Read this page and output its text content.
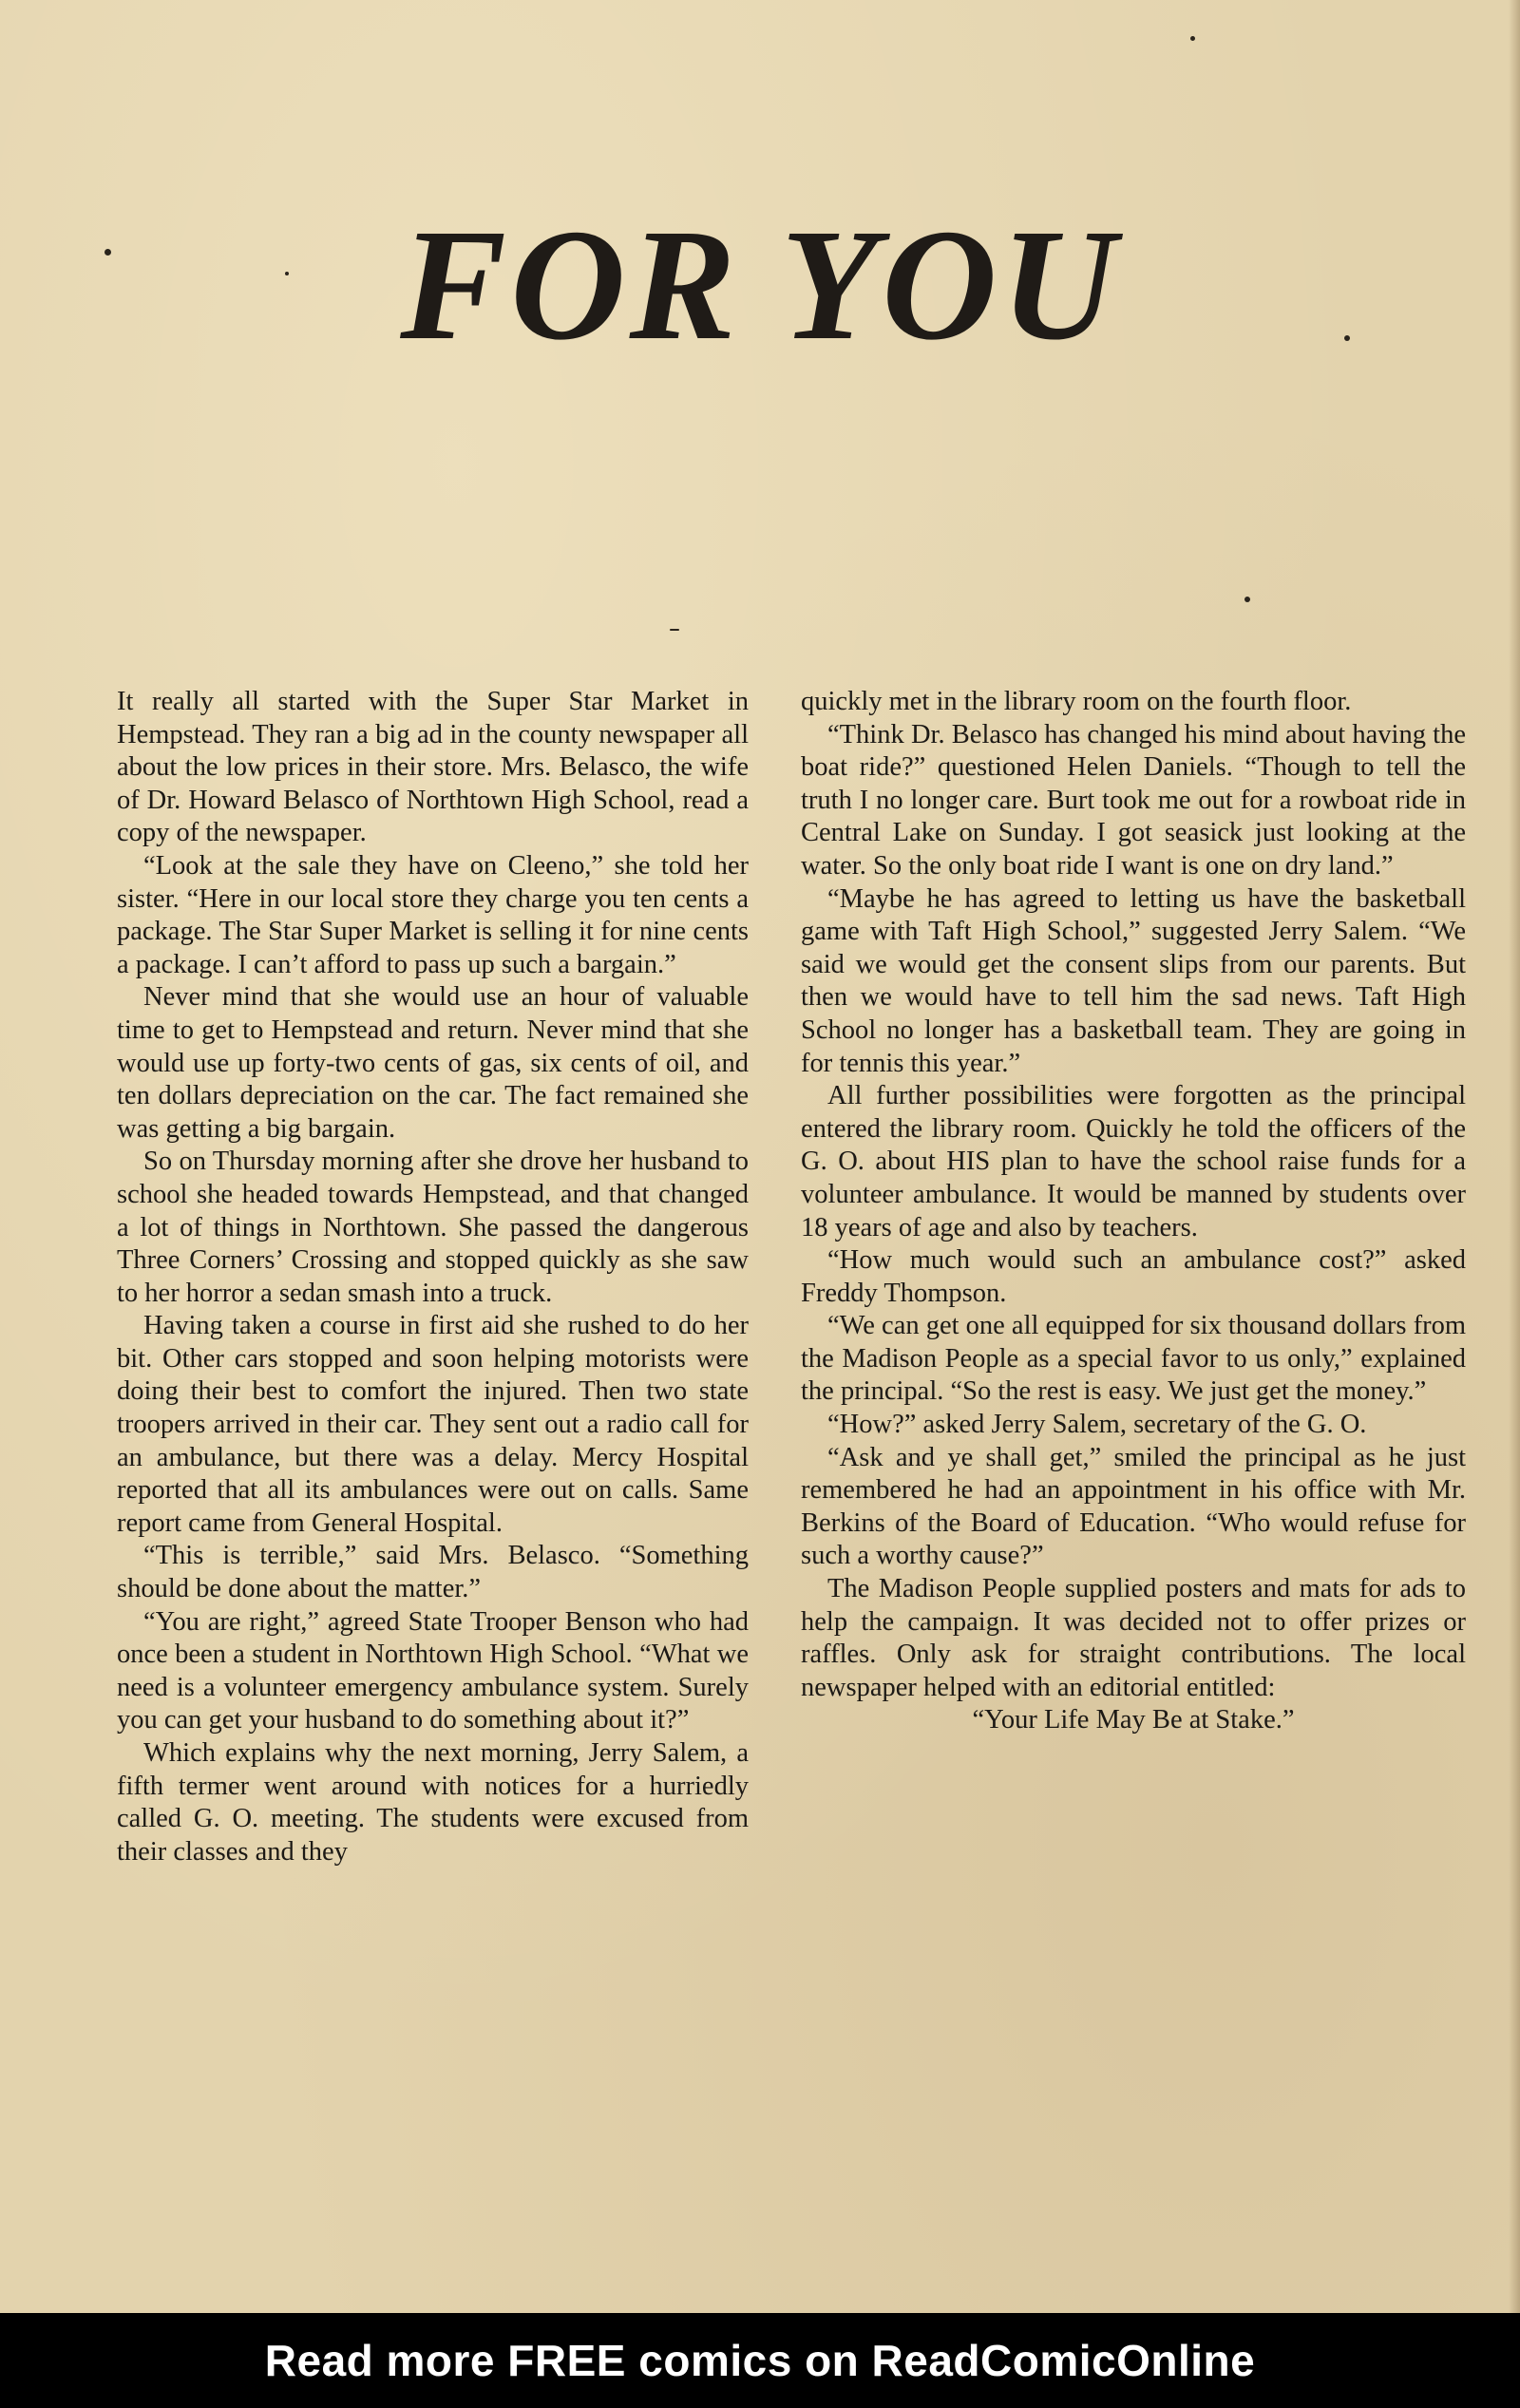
FOR YOU

It really all started with the Super Star Market in Hempstead. They ran a big ad in the county newspaper all about the low prices in their store. Mrs. Belasco, the wife of Dr. Howard Belasco of Northtown High School, read a copy of the newspaper.

“Look at the sale they have on Cleeno,” she told her sister. “Here in our local store they charge you ten cents a package. The Star Super Market is selling it for nine cents a package. I can’t afford to pass up such a bargain.”

Never mind that she would use an hour of valuable time to get to Hempstead and return. Never mind that she would use up forty-two cents of gas, six cents of oil, and ten dollars depreciation on the car. The fact remained she was getting a big bargain.

So on Thursday morning after she drove her husband to school she headed towards Hempstead, and that changed a lot of things in Northtown. She passed the dangerous Three Corners’ Crossing and stopped quickly as she saw to her horror a sedan smash into a truck.

Having taken a course in first aid she rushed to do her bit. Other cars stopped and soon helping motorists were doing their best to comfort the injured. Then two state troopers arrived in their car. They sent out a radio call for an ambulance, but there was a delay. Mercy Hospital reported that all its ambulances were out on calls. Same report came from General Hospital.

“This is terrible,” said Mrs. Belasco. “Something should be done about the matter.”

“You are right,” agreed State Trooper Benson who had once been a student in Northtown High School. “What we need is a volunteer emergency ambulance system. Surely you can get your husband to do something about it?”

Which explains why the next morning, Jerry Salem, a fifth termer went around with notices for a hurriedly called G. O. meeting. The students were excused from their classes and they

quickly met in the library room on the fourth floor.

“Think Dr. Belasco has changed his mind about having the boat ride?” questioned Helen Daniels. “Though to tell the truth I no longer care. Burt took me out for a rowboat ride in Central Lake on Sunday. I got seasick just looking at the water. So the only boat ride I want is one on dry land.”

“Maybe he has agreed to letting us have the basketball game with Taft High School,” suggested Jerry Salem. “We said we would get the consent slips from our parents. But then we would have to tell him the sad news. Taft High School no longer has a basketball team. They are going in for tennis this year.”

All further possibilities were forgotten as the principal entered the library room. Quickly he told the officers of the G. O. about HIS plan to have the school raise funds for a volunteer ambulance. It would be manned by students over 18 years of age and also by teachers.

“How much would such an ambulance cost?” asked Freddy Thompson.

“We can get one all equipped for six thousand dollars from the Madison People as a special favor to us only,” explained the principal. “So the rest is easy. We just get the money.”

“How?” asked Jerry Salem, secretary of the G. O.

“Ask and ye shall get,” smiled the principal as he just remembered he had an appointment in his office with Mr. Berkins of the Board of Education. “Who would refuse for such a worthy cause?”

The Madison People supplied posters and mats for ads to help the campaign. It was decided not to offer prizes or raffles. Only ask for straight contributions. The local newspaper helped with an editorial entitled:

“Your Life May Be at Stake.”

Read more FREE comics on ReadComicOnline
